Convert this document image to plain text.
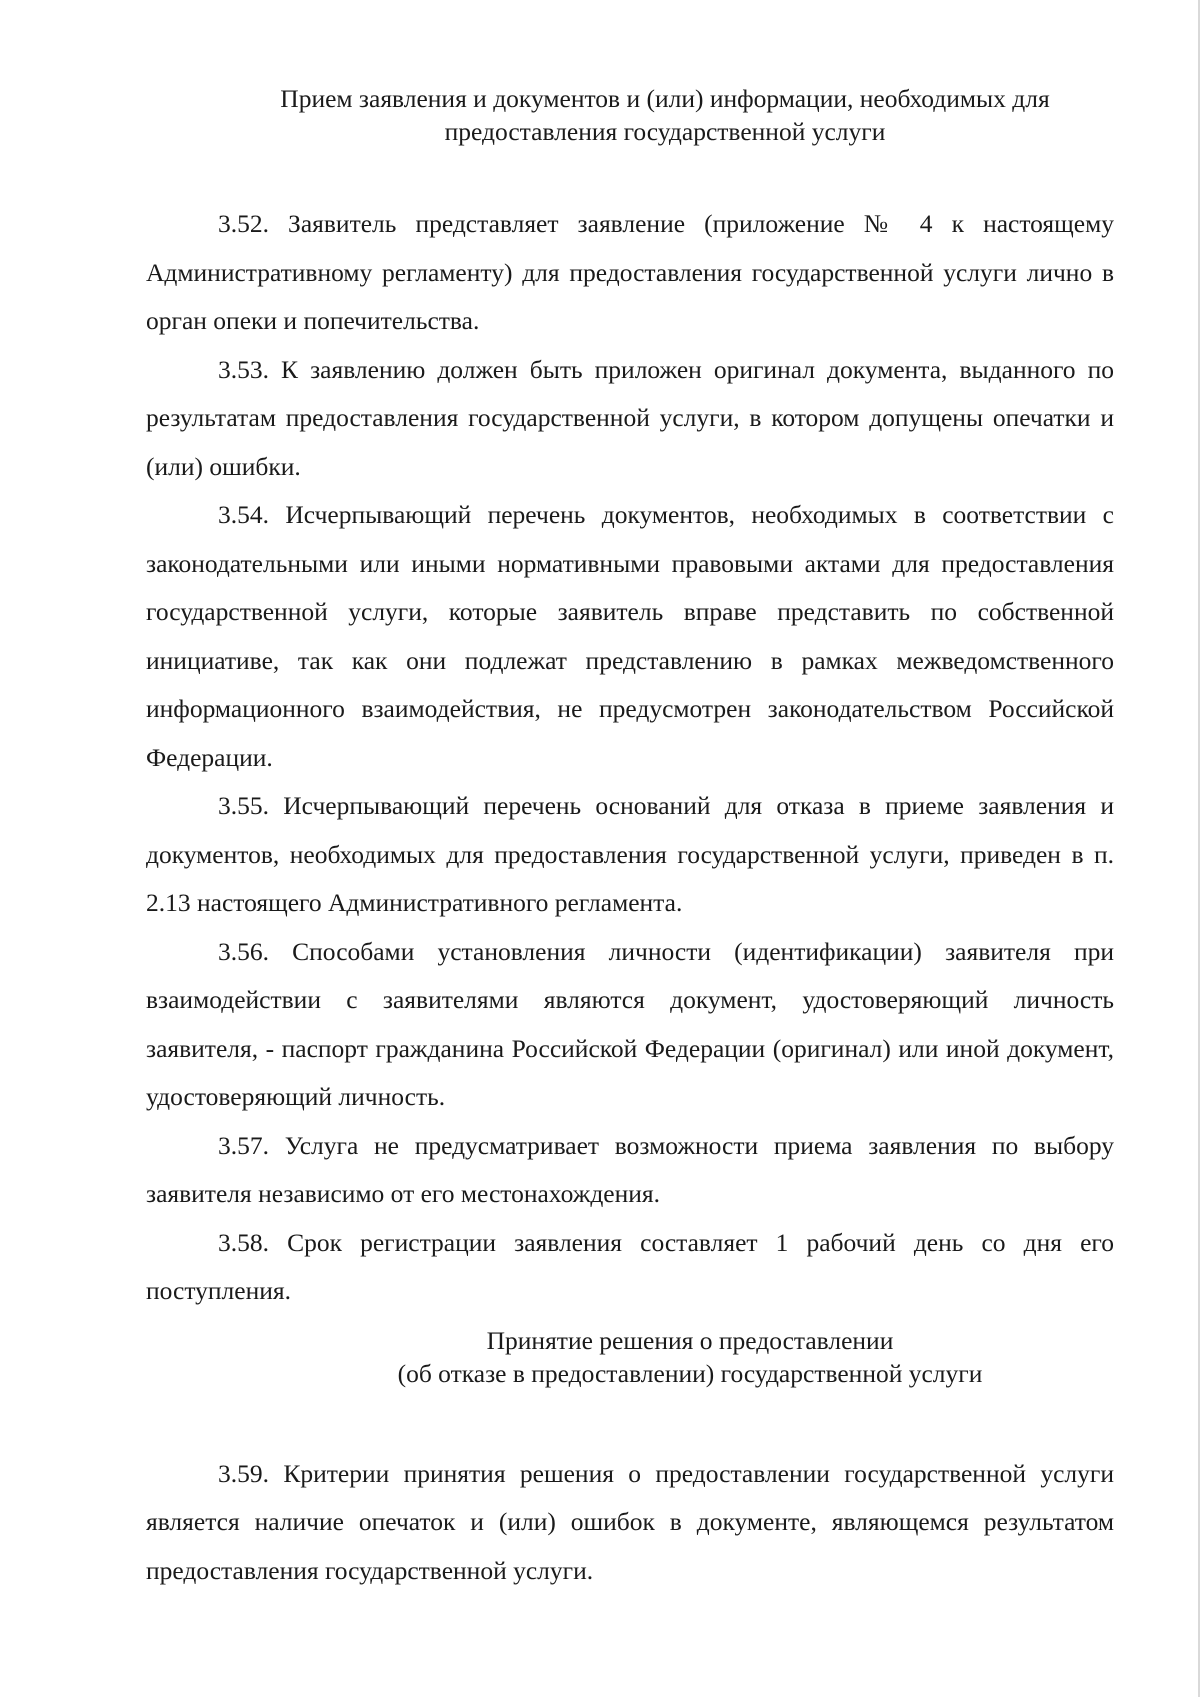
Прием заявления и документов и (или) информации, необходимых для
предоставления государственной услуги

3.52. Заявитель представляет заявление (приложение № 4 к настоящему Административному регламенту) для предоставления государственной услуги лично в орган опеки и попечительства.

3.53. К заявлению должен быть приложен оригинал документа, выданного по результатам предоставления государственной услуги, в котором допущены опечатки и (или) ошибки.

3.54. Исчерпывающий перечень документов, необходимых в соответствии с законодательными или иными нормативными правовыми актами для предоставления государственной услуги, которые заявитель вправе представить по собственной инициативе, так как они подлежат представлению в рамках межведомственного информационного взаимодействия, не предусмотрен законодательством Российской Федерации.

3.55. Исчерпывающий перечень оснований для отказа в приеме заявления и документов, необходимых для предоставления государственной услуги, приведен в п. 2.13 настоящего Административного регламента.

3.56. Способами установления личности (идентификации) заявителя при взаимодействии с заявителями являются документ, удостоверяющий личность заявителя, - паспорт гражданина Российской Федерации (оригинал) или иной документ, удостоверяющий личность.

3.57. Услуга не предусматривает возможности приема заявления по выбору заявителя независимо от его местонахождения.

3.58. Срок регистрации заявления составляет 1 рабочий день со дня его поступления.

Принятие решения о предоставлении
(об отказе в предоставлении) государственной услуги

3.59. Критерии принятия решения о предоставлении государственной услуги является наличие опечаток и (или) ошибок в документе, являющемся результатом предоставления государственной услуги.
